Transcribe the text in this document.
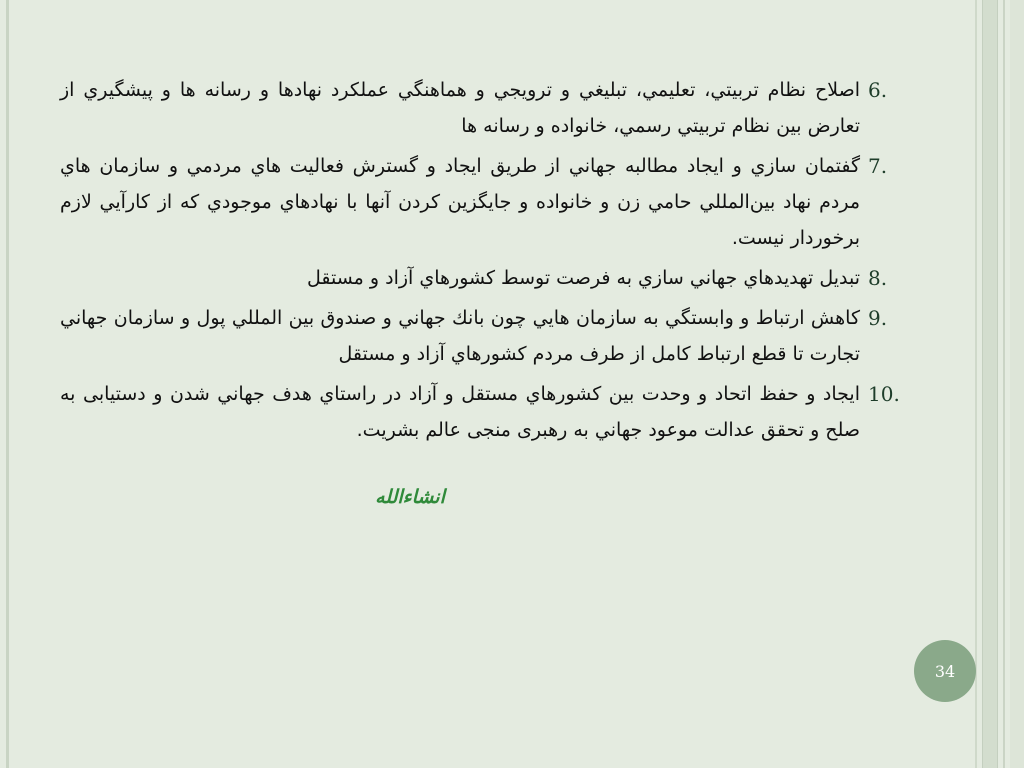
6.
اصلاح نظام تربيتي، تعليمي، تبليغي و ترويجي و هماهنگي عملكرد نهادها و رسانه ها و پيشگيري از تعارض بين نظام تربيتي رسمي، خانواده و رسانه ها
7.
گفتمان سازي و ايجاد مطالبه جهاني از طريق ايجاد و گسترش فعاليت هاي مردمي و سازمان هاي مردم نهاد بين‌المللي حامي زن و خانواده و جايگزين كردن آنها با نهادهاي موجودي كه از كارآيي لازم برخوردار نيست.
8.
تبديل تهديدهاي جهاني سازي به فرصت توسط كشورهاي آزاد و مستقل
9.
كاهش ارتباط و وابستگي به سازمان هايي چون بانك جهاني و صندوق بين المللي پول و سازمان جهاني تجارت تا قطع ارتباط كامل از طرف مردم كشورهاي آزاد و مستقل
10.
ايجاد و حفظ اتحاد و وحدت بين كشورهاي مستقل و آزاد در راستاي هدف جهاني شدن و دستیابی به صلح و تحقق عدالت موعود جهاني به رهبری منجی عالم بشریت.
انشاءالله
34
